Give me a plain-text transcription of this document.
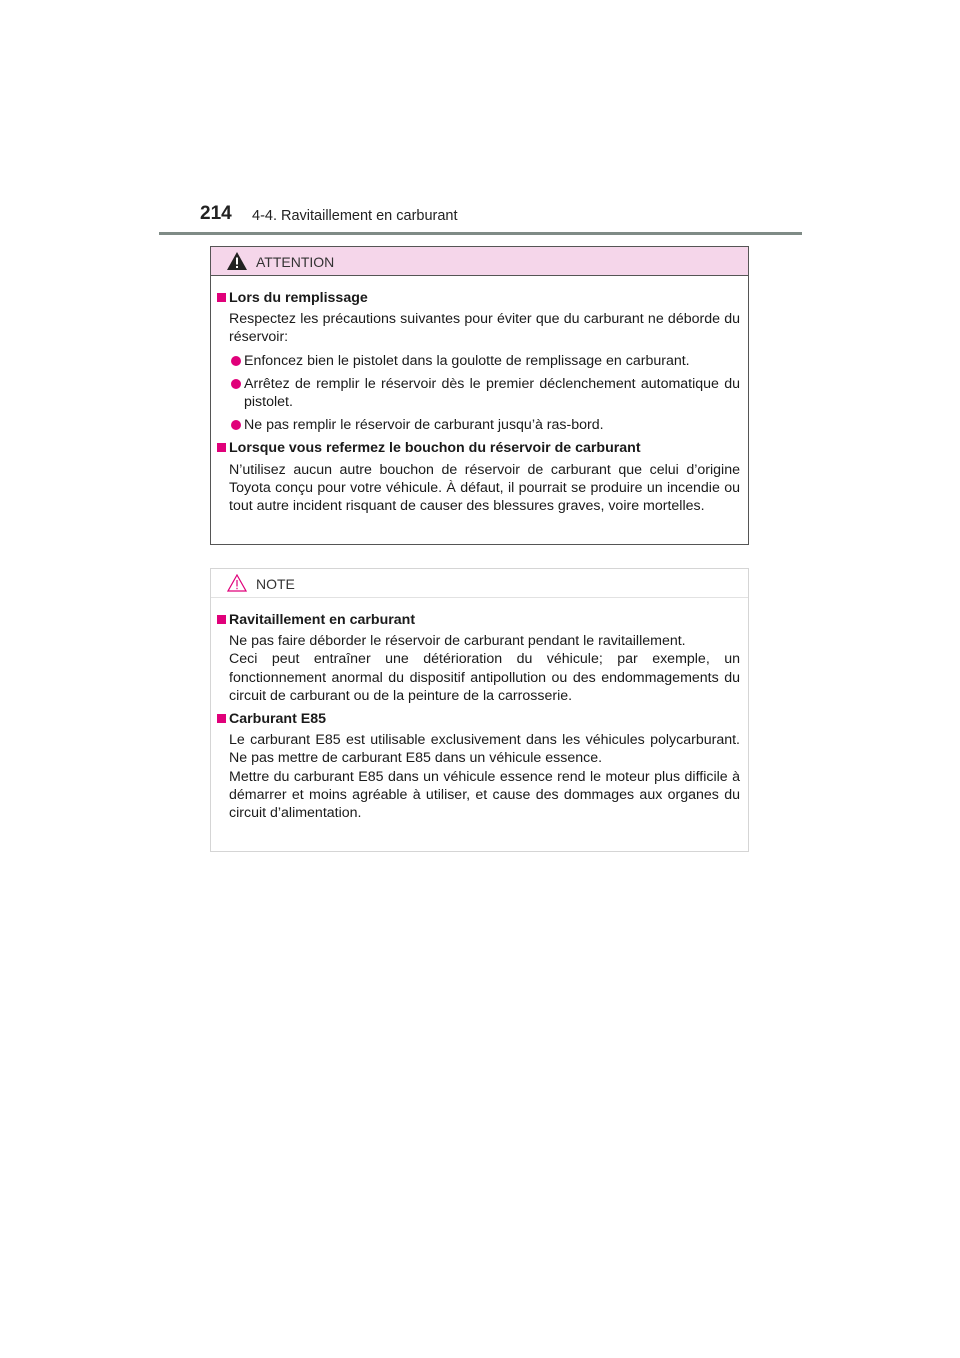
214 4-4. Ravitaillement en carburant
ATTENTION
Lors du remplissage
Respectez les précautions suivantes pour éviter que du carburant ne déborde du réservoir:
Enfoncez bien le pistolet dans la goulotte de remplissage en carburant.
Arrêtez de remplir le réservoir dès le premier déclenchement automatique du pistolet.
Ne pas remplir le réservoir de carburant jusqu’à ras-bord.
Lorsque vous refermez le bouchon du réservoir de carburant
N’utilisez aucun autre bouchon de réservoir de carburant que celui d’origine Toyota conçu pour votre véhicule. À défaut, il pourrait se produire un incendie ou tout autre incident risquant de causer des blessures graves, voire mortelles.
NOTE
Ravitaillement en carburant
Ne pas faire déborder le réservoir de carburant pendant le ravitaillement.
Ceci peut entraîner une détérioration du véhicule; par exemple, un fonctionnement anormal du dispositif antipollution ou des endommagements du circuit de carburant ou de la peinture de la carrosserie.
Carburant E85
Le carburant E85 est utilisable exclusivement dans les véhicules polycarburant. Ne pas mettre de carburant E85 dans un véhicule essence.
Mettre du carburant E85 dans un véhicule essence rend le moteur plus difficile à démarrer et moins agréable à utiliser, et cause des dommages aux organes du circuit d’alimentation.
